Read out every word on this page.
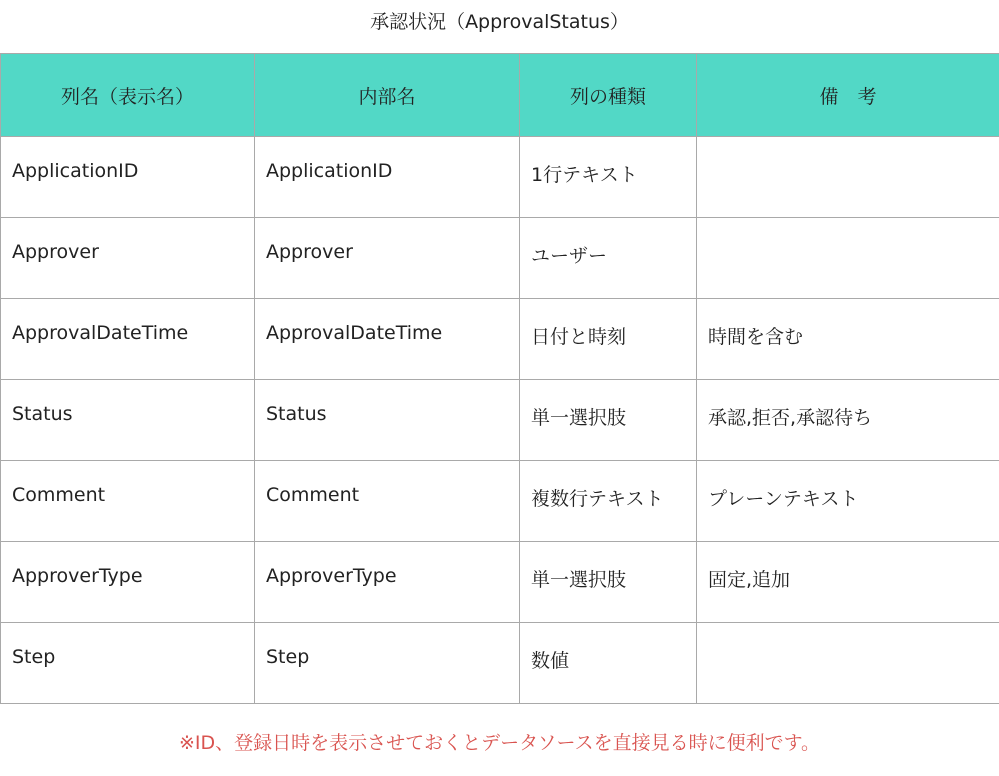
承認状況（ApprovalStatus）
列名（表示名）	内部名	列の種類	備　考
ApplicationID	ApplicationID	1行テキスト	
Approver	Approver	ユーザー	
ApprovalDateTime	ApprovalDateTime	日付と時刻	時間を含む
Status	Status	単一選択肢	承認,拒否,承認待ち
Comment	Comment	複数行テキスト	プレーンテキスト
ApproverType	ApproverType	単一選択肢	固定,追加
Step	Step	数値	
※ID、登録日時を表示させておくとデータソースを直接見る時に便利です。
